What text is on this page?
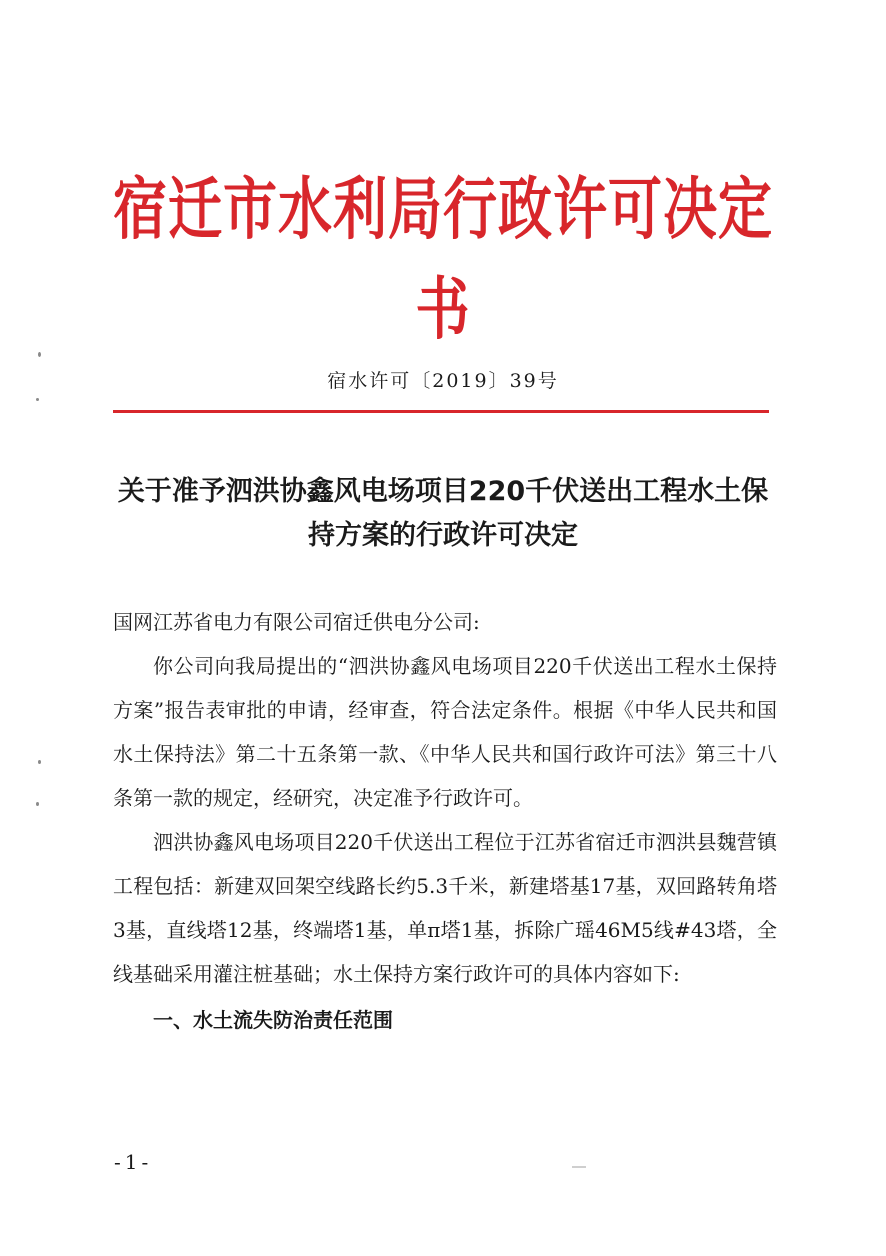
宿迁市水利局行政许可决定书
宿水许可〔2019〕39号
关于准予泗洪协鑫风电场项目220千伏送出工程水土保持方案的行政许可决定

国网江苏省电力有限公司宿迁供电分公司:

你公司向我局提出的“泗洪协鑫风电场项目220千伏送出工程水土保持方案”报告表审批的申请，经审查，符合法定条件。根据《中华人民共和国水土保持法》第二十五条第一款、《中华人民共和国行政许可法》第三十八条第一款的规定，经研究，决定准予行政许可。

泗洪协鑫风电场项目220千伏送出工程位于江苏省宿迁市泗洪县魏营镇工程包括：新建双回架空线路长约5.3千米，新建塔基17基，双回路转角塔3基，直线塔12基，终端塔1基，单π塔1基，拆除广瑶46M5线#43塔，全线基础采用灌注桩基础；水土保持方案行政许可的具体内容如下:

一、水土流失防治责任范围

-1-
